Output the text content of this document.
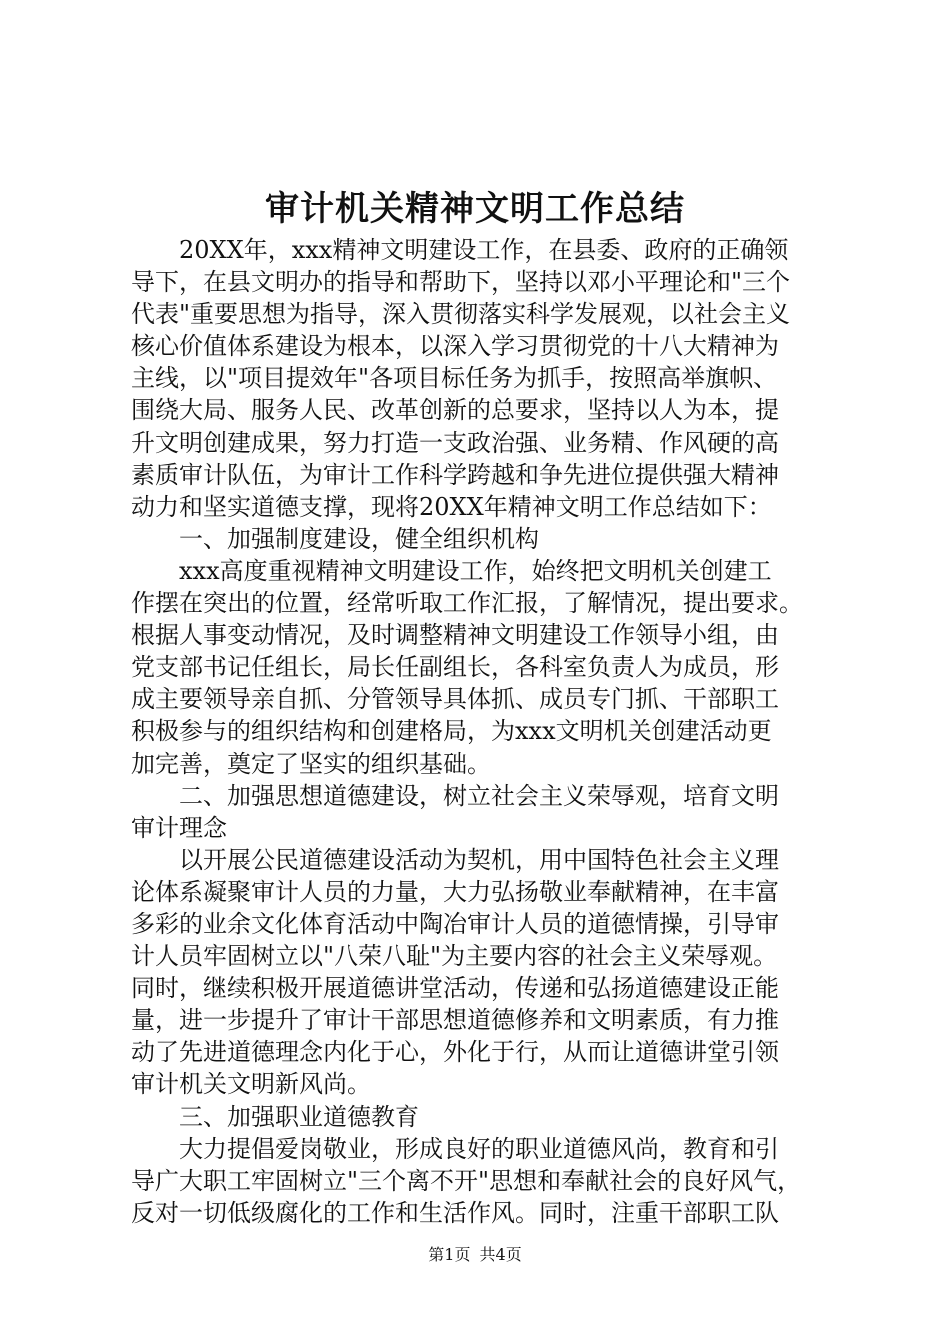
审计机关精神文明工作总结

　　20XX年，xxx精神文明建设工作，在县委、政府的正确领

导下，在县文明办的指导和帮助下，坚持以邓小平理论和"三个

代表"重要思想为指导，深入贯彻落实科学发展观，以社会主义

核心价值体系建设为根本，以深入学习贯彻党的十八大精神为

主线，以"项目提效年"各项目标任务为抓手，按照高举旗帜、

围绕大局、服务人民、改革创新的总要求，坚持以人为本，提

升文明创建成果，努力打造一支政治强、业务精、作风硬的高

素质审计队伍，为审计工作科学跨越和争先进位提供强大精神

动力和坚实道德支撑，现将20XX年精神文明工作总结如下：

　　一、加强制度建设，健全组织机构

　　xxx高度重视精神文明建设工作，始终把文明机关创建工

作摆在突出的位置，经常听取工作汇报，了解情况，提出要求。

根据人事变动情况，及时调整精神文明建设工作领导小组，由

党支部书记任组长，局长任副组长，各科室负责人为成员，形

成主要领导亲自抓、分管领导具体抓、成员专门抓、干部职工

积极参与的组织结构和创建格局，为xxx文明机关创建活动更

加完善，奠定了坚实的组织基础。

　　二、加强思想道德建设，树立社会主义荣辱观，培育文明

审计理念

　　以开展公民道德建设活动为契机，用中国特色社会主义理

论体系凝聚审计人员的力量，大力弘扬敬业奉献精神，在丰富

多彩的业余文化体育活动中陶冶审计人员的道德情操，引导审

计人员牢固树立以"八荣八耻"为主要内容的社会主义荣辱观。

同时，继续积极开展道德讲堂活动，传递和弘扬道德建设正能

量，进一步提升了审计干部思想道德修养和文明素质，有力推

动了先进道德理念内化于心，外化于行，从而让道德讲堂引领

审计机关文明新风尚。

　　三、加强职业道德教育

　　大力提倡爱岗敬业，形成良好的职业道德风尚，教育和引

导广大职工牢固树立"三个离不开"思想和奉献社会的良好风气，

反对一切低级腐化的工作和生活作风。同时，注重干部职工队

第1页 共4页
